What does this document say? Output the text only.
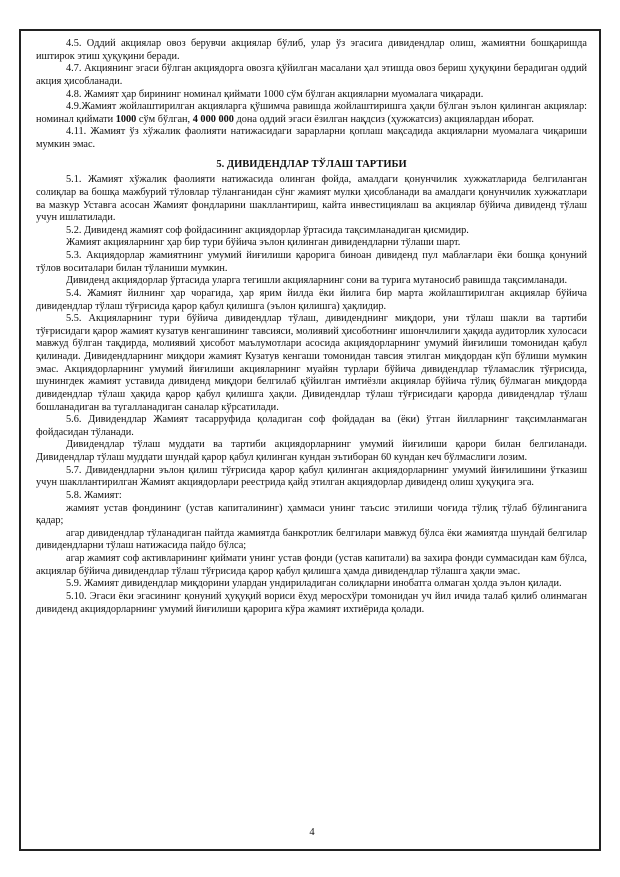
4.5. Оддий акциялар овоз берувчи акциялар бўлиб, улар ўз эгасига дивидендлар олиш, жамиятни бошқаришда иштирок этиш ҳуқуқини беради.

4.7. Акциянинг эгаси бўлган акциядорга овозга қўйилган масалани ҳал этишда овоз бериш ҳуқуқини берадиган оддий акция ҳисобланади.

4.8. Жамият ҳар бирининг номинал қиймати 1000 сўм бўлган акцияларни муомалага чиқаради.

4.9.Жамият жойлаштирилган акцияларга қўшимча равишда жойлаштиришга ҳақли бўлган эълон қилинган акциялар: номинал қиймати 1000 сўм бўлган, 4 000 000 дона оддий эгаси ёзилган нақдсиз (ҳужжатсиз) акциялардан иборат.

4.11. Жамият ўз хўжалик фаолияти натижасидаги зарарларни қоплаш мақсадида акцияларни муомалага чиқариши мумкин эмас.

5. ДИВИДЕНДЛАР ТЎЛАШ ТАРТИБИ

5.1. Жамият хўжалик фаолияти натижасида олинган фойда, амалдаги қонунчилик хужжатларида белгиланган солиқлар ва бошқа мажбурий тўловлар тўланганидан сўнг жамият мулки ҳисобланади ва амалдаги қонунчилик хужжатлари ва мазкур Уставга асосан Жамият фондларини шакллантириш, кайта инвестициялаш ва акциялар бўйича дивиденд тўлаш учун ишлатилади.

5.2. Дивиденд жамият соф фойдасининг акциядорлар ўртасида тақсимланадиган қисмидир.

Жамият акцияларнинг ҳар бир тури бўйича эълон қилинган дивидендларни тўлаши шарт.

5.3. Акциядорлар жамиятнинг умумий йиғилиши қарорига биноан дивиденд пул маблағлари ёки бошқа қонуний тўлов воситалари билан тўланиши мумкин.

Дивиденд акциядорлар ўртасида уларга тегишли акцияларнинг сони ва турига мутаносиб равишда тақсимланади.

5.4. Жамият йилнинг ҳар чорагида, ҳар ярим йилда ёки йилига бир марта жойлаштирилган акциялар бўйича дивидендлар тўлаш тўғрисида қарор қабул қилишга (эълон қилишга) ҳақлидир.

5.5. Акцияларнинг тури бўйича дивидендлар тўлаш, дивиденднинг миқдори, уни тўлаш шакли ва тартиби тўғрисидаги қарор жамият кузатув кенгашининг тавсияси, молиявий ҳисоботнинг ишончлилиги ҳақида аудиторлик хулосаси мавжуд бўлган тақдирда, молиявий ҳисобот маълумотлари асосида акциядорларнинг умумий йиғилиши томонидан қабул қилинади. Дивидендларнинг миқдори жамият Кузатув кенгаши томонидан тавсия этилган миқдордан кўп бўлиши мумкин эмас. Акциядорларнинг умумий йиғилиши акцияларнинг муайян турлари бўйича дивидендлар тўламаслик тўғрисида, шунингдек жамият уставида дивиденд миқдори белгилаб қўйилган имтиёзли акциялар бўйича тўлиқ бўлмаган миқдорда дивидендлар тўлаш ҳақида қарор қабул қилишга ҳақли. Дивидендлар тўлаш тўғрисидаги қарорда дивидендлар тўлаш бошланадиган ва тугалланадиган саналар кўрсатилади.

5.6. Дивидендлар Жамият тасарруфида қоладиган соф фойдадан ва (ёки) ўтган йилларнинг тақсимланмаган фойдасидан тўланади.

Дивидендлар тўлаш муддати ва тартиби акциядорларнинг умумий йиғилиши қарори билан белгиланади. Дивидендлар тўлаш муддати шундай қарор қабул қилинган кундан эътиборан 60 кундан кеч бўлмаслиги лозим.

5.7. Дивидендларни эълон қилиш тўғрисида қарор қабул қилинган акциядорларнинг умумий йиғилишини ўтказиш учун шакллантирилган Жамият акциядорлари реестрида қайд этилган акциядорлар дивиденд олиш ҳуқуқига эга.

5.8. Жамият:

жамият устав фондининг (устав капиталининг) ҳаммаси унинг таъсис этилиши чоғида тўлиқ тўлаб бўлинганига қадар;

агар дивидендлар тўланадиган пайтда жамиятда банкротлик белгилари мавжуд бўлса ёки жамиятда шундай белгилар дивидендларни тўлаш натижасида пайдо бўлса;

агар жамият соф активларининг қиймати унинг устав фонди (устав капитали) ва захира фонди суммасидан кам бўлса, акциялар бўйича дивидендлар тўлаш тўғрисида қарор қабул қилишга ҳамда дивидендлар тўлашга ҳақли эмас.

5.9. Жамият дивидендлар миқдорини улардан ундириладиган солиқларни инобатга олмаган ҳолда эълон қилади.

5.10. Эгаси ёки эгасининг қонуний ҳуқуқий вориси ёхуд меросхўри томонидан уч йил ичида талаб қилиб олинмаган дивиденд акциядорларнинг умумий йиғилиши қарорига кўра жамият ихтиёрида қолади.

4
